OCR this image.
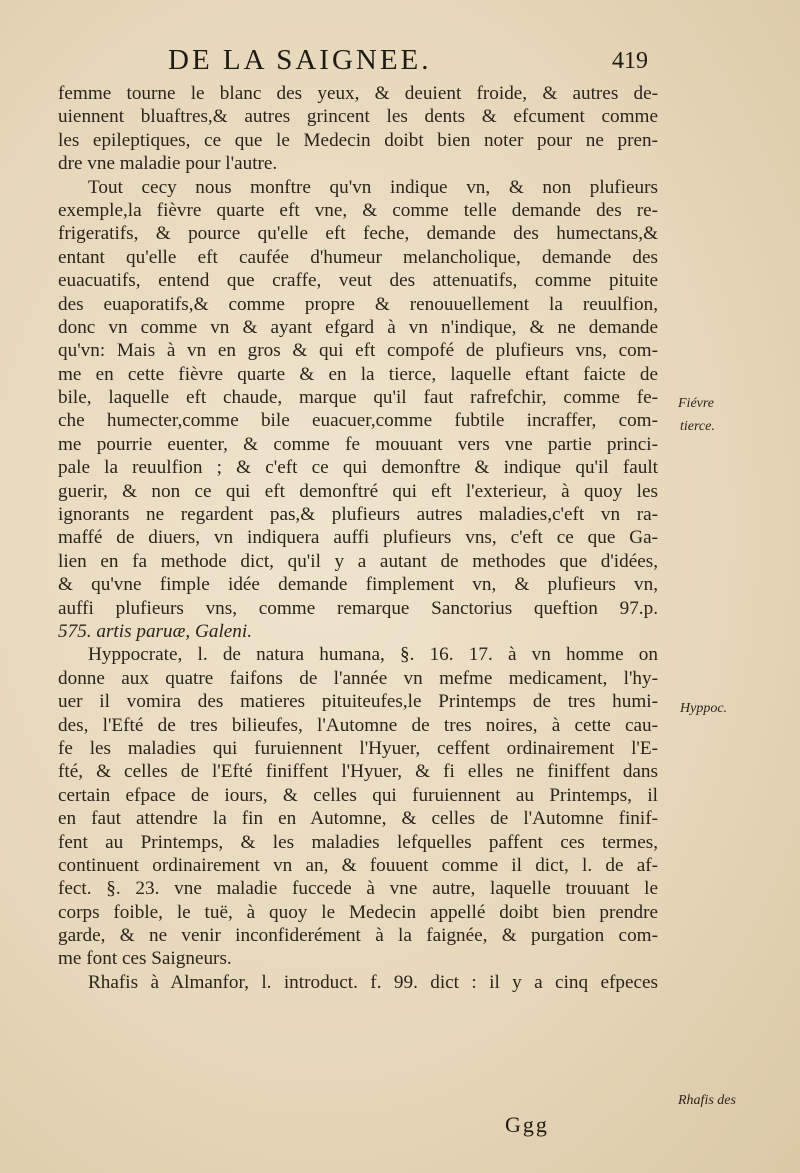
DE LA SAIGNEE.	419
femme tourne le blanc des yeux, & deuient froide, & autres de-
uiennent bluaftres,& autres grincent les dents & efcument comme
les epileptiques, ce que le Medecin doibt bien noter pour ne pren-
dre vne maladie pour l'autre.
Tout cecy nous monftre qu'vn indique vn, & non plufieurs
exemple,la fièvre quarte eft vne, & comme telle demande des re-
frigeratifs, & pource qu'elle eft feche, demande des humectans,&
entant qu'elle eft caufée d'humeur melancholique, demande des
euacuatifs, entend que craffe, veut des attenuatifs, comme pituite
des euaporatifs,& comme propre & renouuellement la reuulfion,
donc vn comme vn & ayant efgard à vn n'indique, & ne demande
qu'vn: Mais à vn en gros & qui eft compofé de plufieurs vns, com-
me en cette fièvre quarte & en la tierce, laquelle eftant faicte de
bile, laquelle eft chaude, marque qu'il faut rafrefchir, comme fe-
che humecter,comme bile euacuer,comme fubtile incraffer, com-
me pourrie euenter, & comme fe mouuant vers vne partie princi-
pale la reuulfion ; & c'eft ce qui demonftre & indique qu'il fault
guerir, & non ce qui eft demonftré qui eft l'exterieur, à quoy les
ignorants ne regardent pas,& plufieurs autres maladies,c'eft vn ra-
maffé de diuers, vn indiquera auffi plufieurs vns, c'eft ce que Ga-
lien en fa methode dict, qu'il y a autant de methodes que d'idées,
& qu'vne fimple idée demande fimplement vn, & plufieurs vn,
auffi plufieurs vns, comme remarque Sanctorius queftion 97.p.
575. artis paruæ, Galeni.
Hyppocrate, l. de natura humana, §. 16. 17. à vn homme on
donne aux quatre faifons de l'année vn mefme medicament, l'hy-
uer il vomira des matieres pituiteufes,le Printemps de tres humi-
des, l'Efté de tres bilieufes, l'Automne de tres noires, à cette cau-
fe les maladies qui furuiennent l'Hyuer, ceffent ordinairement l'E-
fté, & celles de l'Efté finiffent l'Hyuer, & fi elles ne finiffent dans
certain efpace de iours, & celles qui furuiennent au Printemps, il
en faut attendre la fin en Automne, & celles de l'Automne finif-
fent au Printemps, & les maladies lefquelles paffent ces termes,
continuent ordinairement vn an, & fouuent comme il dict, l. de af-
fect. §. 23. vne maladie fuccede à vne autre, laquelle trouuant le
corps foible, le tuë, à quoy le Medecin appellé doibt bien prendre
garde, & ne venir inconfiderément à la faignée, & purgation com-
me font ces Saigneurs.
Rhafis à Almanfor, l. introduct. f. 99. dict : il y a cinq efpeces
Fiévre
tierce.
Hyppoc.
Rhafis des
Ggg
